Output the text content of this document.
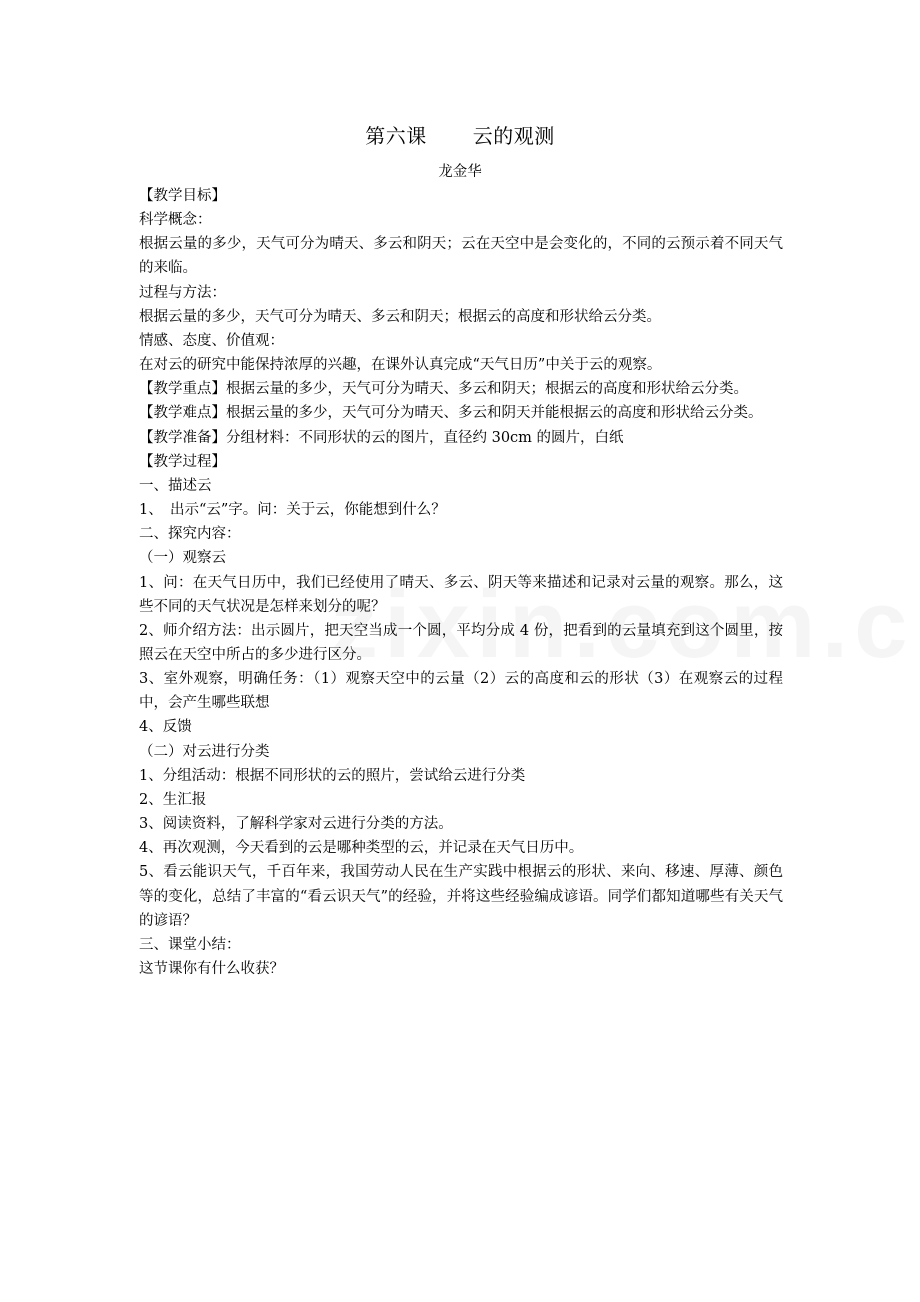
第六课 云的观测
龙金华

【教学目标】

科学概念：

根据云量的多少，天气可分为晴天、多云和阴天；云在天空中是会变化的，不同的云预示着不同天气的来临。

过程与方法：

根据云量的多少，天气可分为晴天、多云和阴天；根据云的高度和形状给云分类。

情感、态度、价值观：

在对云的研究中能保持浓厚的兴趣，在课外认真完成“天气日历”中关于云的观察。

【教学重点】根据云量的多少，天气可分为晴天、多云和阴天；根据云的高度和形状给云分类。

【教学难点】根据云量的多少，天气可分为晴天、多云和阴天并能根据云的高度和形状给云分类。

【教学准备】分组材料：不同形状的云的图片，直径约 30cm 的圆片，白纸

【教学过程】

一、描述云

1、　出示“云”字。问：关于云，你能想到什么？

二、探究内容：

（一）观察云

1、问：在天气日历中，我们已经使用了晴天、多云、阴天等来描述和记录对云量的观察。那么，这些不同的天气状况是怎样来划分的呢？

2、师介绍方法：出示圆片，把天空当成一个圆，平均分成 4 份，把看到的云量填充到这个圆里，按照云在天空中所占的多少进行区分。

3、室外观察，明确任务：（1）观察天空中的云量（2）云的高度和云的形状（3）在观察云的过程中，会产生哪些联想

4、反馈

（二）对云进行分类

1、分组活动：根据不同形状的云的照片，尝试给云进行分类

2、生汇报

3、阅读资料，了解科学家对云进行分类的方法。

4、再次观测，今天看到的云是哪种类型的云，并记录在天气日历中。

5、看云能识天气，千百年来，我国劳动人民在生产实践中根据云的形状、来向、移速、厚薄、颜色等的变化，总结了丰富的“看云识天气”的经验，并将这些经验编成谚语。同学们都知道哪些有关天气的谚语？

三、课堂小结：

这节课你有什么收获？
